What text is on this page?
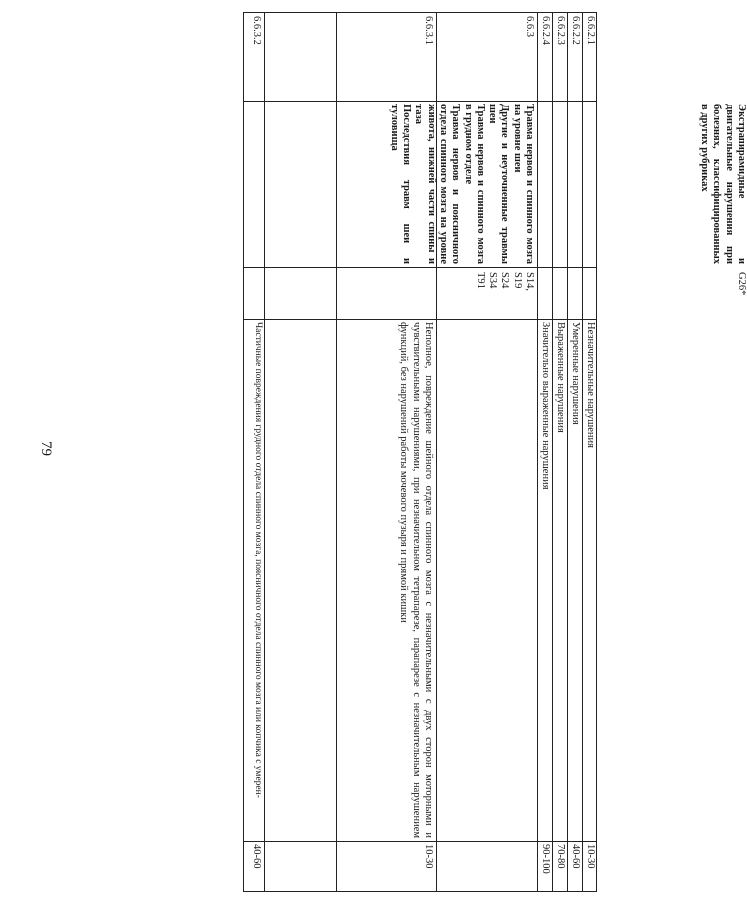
79
Экстрапирамидные и двигательные нарушения при болезнях, классифицированных в других рубриках
G26*
6.6.2.1
Незначительные нарушения
10-30
6.6.2.2
Умеренные нарушения
40-60
6.6.2.3
Выраженные нарушения
70-80
6.6.2.4
Значительно выраженные нарушения
90-100
6.6.3
Травма нервов и спинного мозга на уровне шеи
Другие и неуточненные травмы шеи
Травма нервов и спинного мозга в грудном отделе
Травма нервов и поясничного отдела спинного мозга на уровне живота, нижней части спины и таза
Последствия травм шеи и туловища
S14,
S19
S24
S34
T91
6.6.3.1
Неполное, повреждение шейного отдела спинного мозга с незначительными с двух сторон моторными и чувствительными нарушениями, при незначительном тетрапарезе, парапарезе с незначительным нарушением функций, без нарушений работы мочевого пузыря и прямой кишки
10-30
6.6.3.2
Частичные повреждения грудного отдела спинного мозга, поясничного отдела спинного мозга или копчика с умерен-
40-60
